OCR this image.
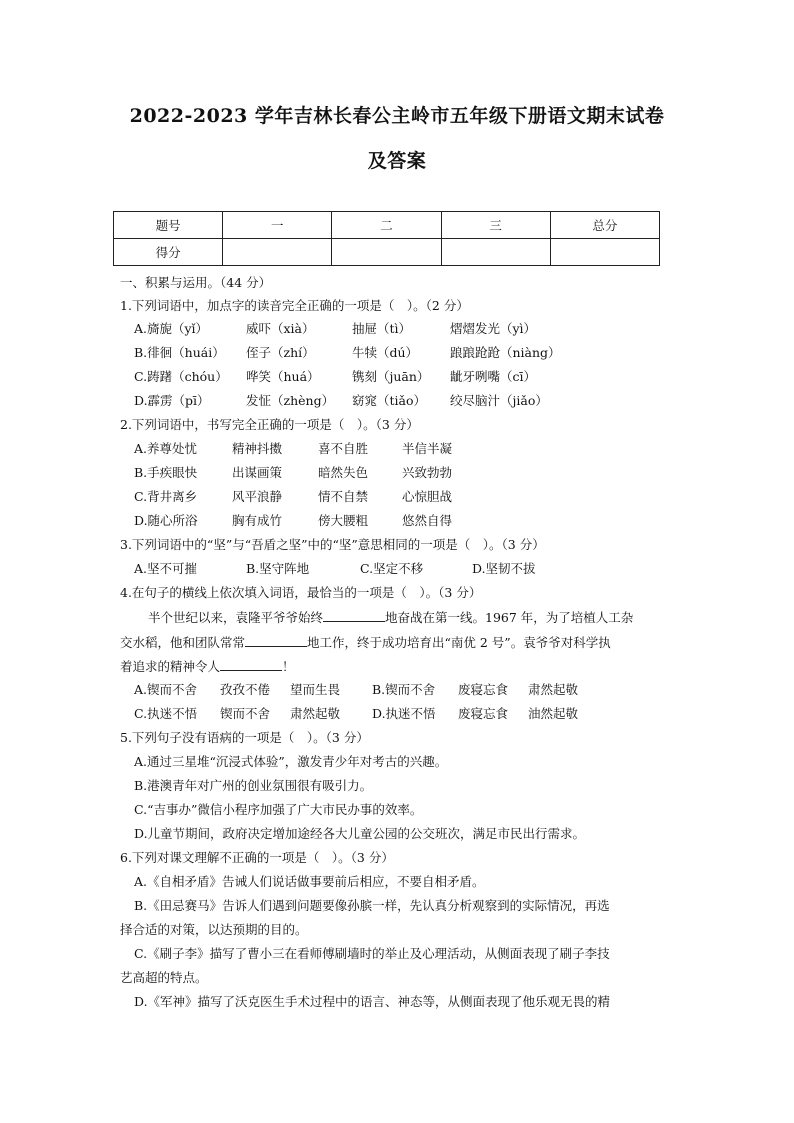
2022-2023 学年吉林长春公主岭市五年级下册语文期末试卷
及答案
题号	一	二	三	总分
得分				
一、积累与运用。（44 分）
1.下列词语中，加点字的读音完全正确的一项是（　）。（2 分）
A.旖旎（yǐ）	威吓（xià）	抽屉（tì）	熠熠发光（yì）
B.徘徊（huái） 侄子（zhí）	牛犊（dú）	踉踉跄跄（niàng）
C.踌躇（chóu） 哗笑（huá）	镌刻（juān） 龇牙咧嘴（cī）
D.霹雳（pī）	发怔（zhèng） 窈窕（tiǎo） 绞尽脑汁（jiǎo）
2.下列词语中，书写完全正确的一项是（　）。（3 分）
A.养尊处忧	精神抖擞	喜不自胜	半信半凝
B.手疾眼快	出谋画策	暗然失色	兴致勃勃
C.背井离乡	风平浪静	情不自禁	心惊胆战
D.随心所浴	胸有成竹	傍大腰粗	悠然自得
3.下列词语中的“坚”与“吾盾之坚”中的“坚”意思相同的一项是（　）。（3 分）
A.坚不可摧	B.坚守阵地	C.坚定不移	D.坚韧不拔
4.在句子的横线上依次填入词语，最恰当的一项是（　）。（3 分）
半个世纪以来，袁隆平爷爷始终	地奋战在第一线。1967 年，为了培植人工杂
交水稻，他和团队常常	地工作，终于成功培育出“南优 2 号”。袁爷爷对科学执
着追求的精神令人	！
A.锲而不舍 孜孜不倦 望而生畏	B.锲而不舍 废寝忘食 肃然起敬
C.执迷不悟 锲而不舍 肃然起敬	D.执迷不悟 废寝忘食 油然起敬
5.下列句子没有语病的一项是（　）。（3 分）
A.通过三星堆“沉浸式体验”，激发青少年对考古的兴趣。
B.港澳青年对广州的创业氛围很有吸引力。
C.“吉事办”微信小程序加强了广大市民办事的效率。
D.儿童节期间，政府决定增加途经各大儿童公园的公交班次，满足市民出行需求。
6.下列对课文理解不正确的一项是（　）。（3 分）
A.《自相矛盾》告诫人们说话做事要前后相应，不要自相矛盾。
B.《田忌赛马》告诉人们遇到问题要像孙膑一样，先认真分析观察到的实际情况，再选
择合适的对策，以达预期的目的。
C.《刷子李》描写了曹小三在看师傅刷墙时的举止及心理活动，从侧面表现了刷子李技
艺高超的特点。
D.《军神》描写了沃克医生手术过程中的语言、神态等，从侧面表现了他乐观无畏的精
